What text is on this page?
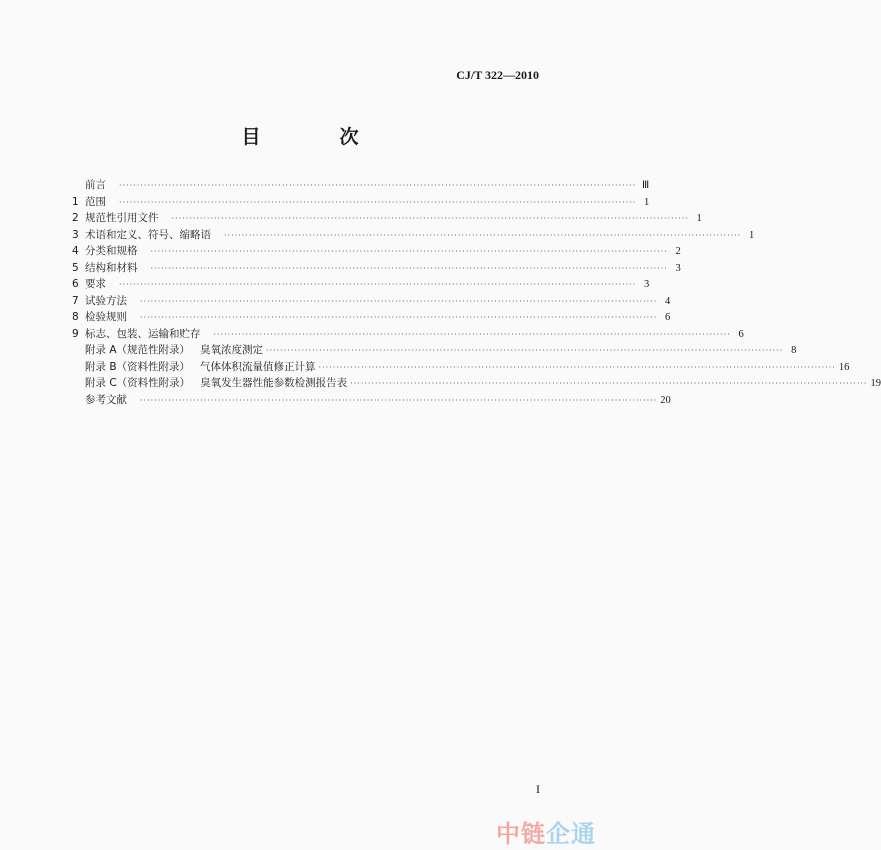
CJ/T 322—2010
目　次
前言 ·················································································································································· Ⅲ
1 范围 ·················································································································································· 1
2 规范性引用文件 ·················································································································································· 1
3 术语和定义、符号、缩略语 ·················································································································································· 1
4 分类和规格 ·················································································································································· 2
5 结构和材料 ·················································································································································· 3
6 要求 ·················································································································································· 3
7 试验方法 ·················································································································································· 4
8 检验规则 ·················································································································································· 6
9 标志、包装、运输和贮存 ·················································································································································· 6
附录 A（规范性附录） 臭氧浓度测定 ·················································································································································· 8
附录 B（资料性附录） 气体体积流量值修正计算 ·················································································································································· 16
附录 C（资料性附录） 臭氧发生器性能参数检测报告表 ·················································································································································· 19
参考文献 ·················································································································································· 20
I
中链企通
